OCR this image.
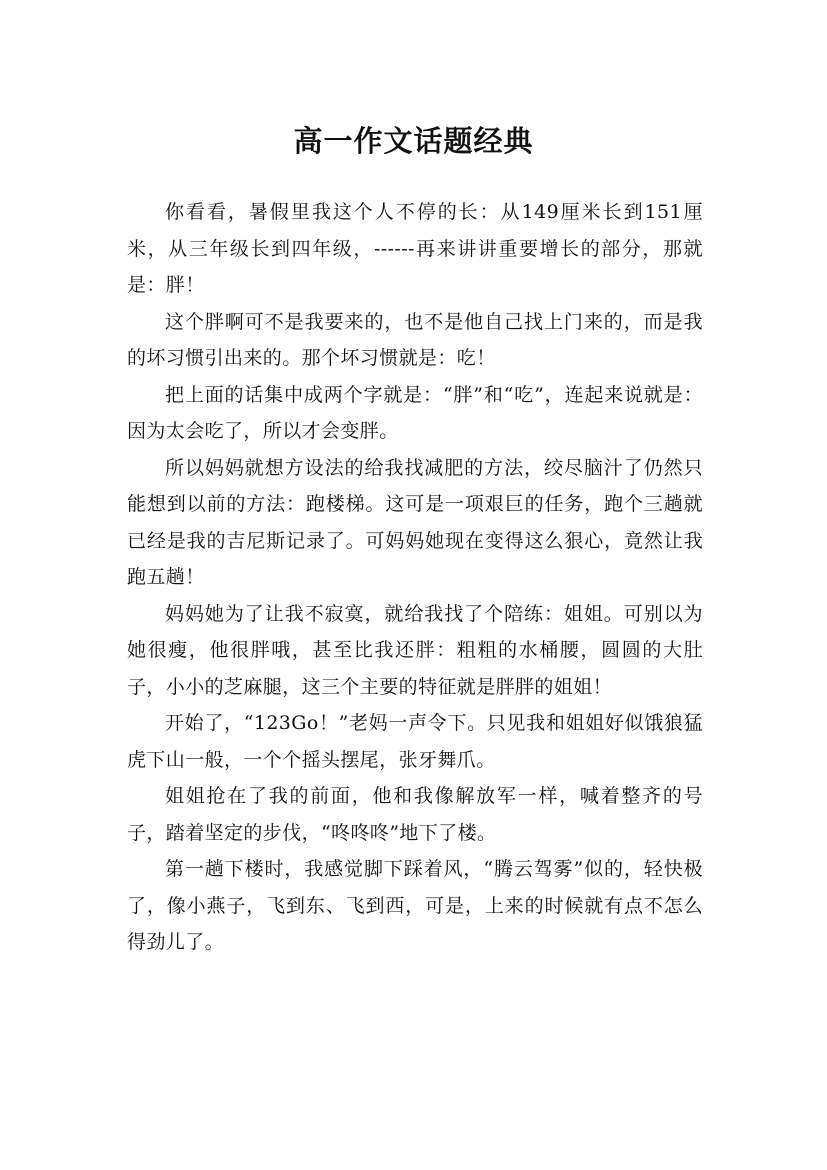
高一作文话题经典

你看看，暑假里我这个人不停的长：从149厘米长到151厘米，从三年级长到四年级，------再来讲讲重要增长的部分，那就是：胖！

这个胖啊可不是我要来的，也不是他自己找上门来的，而是我的坏习惯引出来的。那个坏习惯就是：吃！

把上面的话集中成两个字就是：“胖”和“吃”，连起来说就是：因为太会吃了，所以才会变胖。

所以妈妈就想方设法的给我找减肥的方法，绞尽脑汁了仍然只能想到以前的方法：跑楼梯。这可是一项艰巨的任务，跑个三趟就已经是我的吉尼斯记录了。可妈妈她现在变得这么狠心，竟然让我跑五趟！

妈妈她为了让我不寂寞，就给我找了个陪练：姐姐。可别以为她很瘦，他很胖哦，甚至比我还胖：粗粗的水桶腰，圆圆的大肚子，小小的芝麻腿，这三个主要的特征就是胖胖的姐姐！

开始了，“123Go！”老妈一声令下。只见我和姐姐好似饿狼猛虎下山一般，一个个摇头摆尾，张牙舞爪。

姐姐抢在了我的前面，他和我像解放军一样，喊着整齐的号子，踏着坚定的步伐，“咚咚咚”地下了楼。

第一趟下楼时，我感觉脚下踩着风，“腾云驾雾”似的，轻快极了，像小燕子，飞到东、飞到西，可是，上来的时候就有点不怎么得劲儿了。
